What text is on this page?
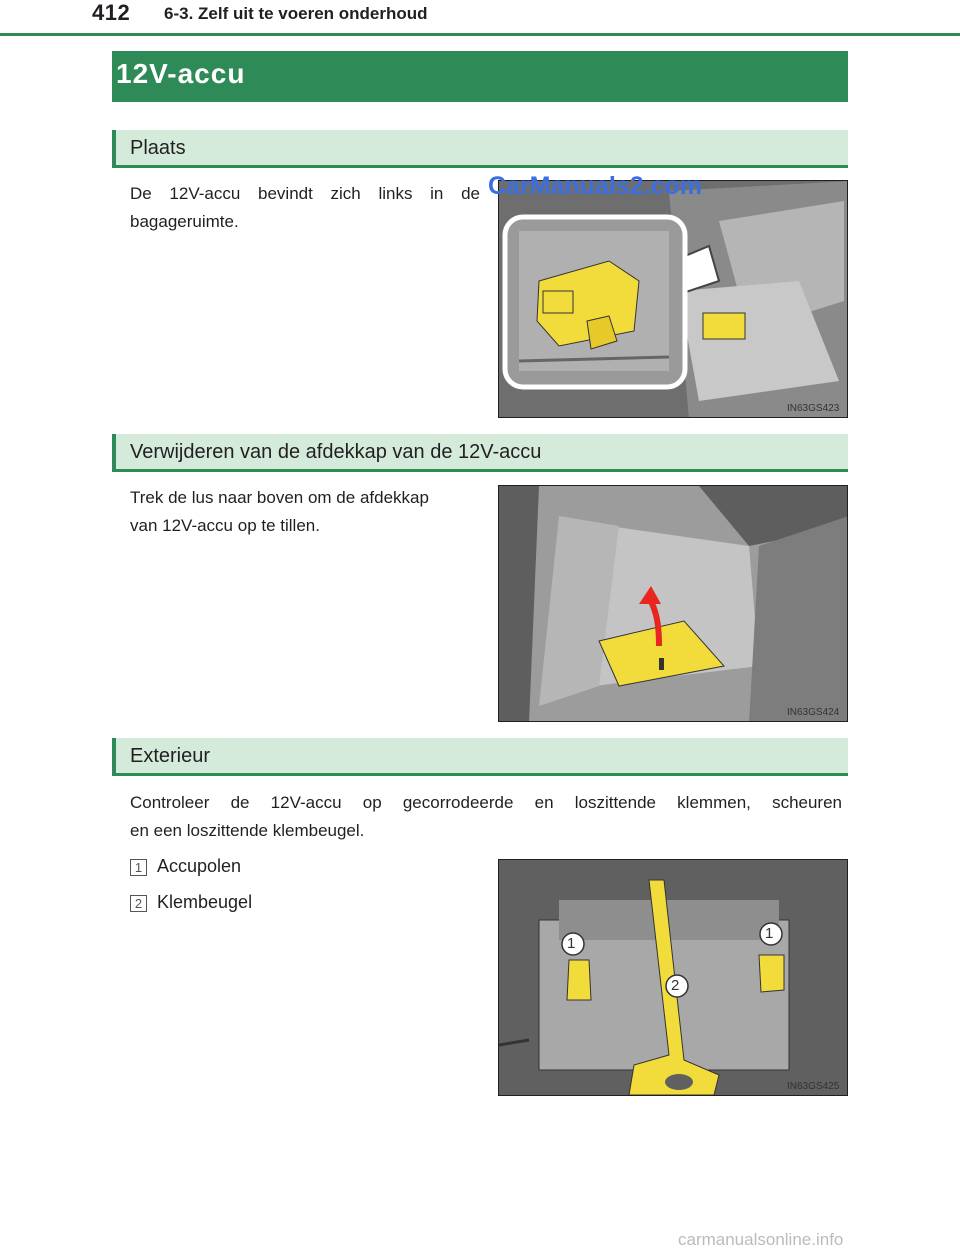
412 6-3. Zelf uit te voeren onderhoud
12V-accu
Plaats
De 12V-accu bevindt zich links in de
bagageruimte.
IN63GS423
CarManuals2.com
Verwijderen van de afdekkap van de 12V-accu
Trek de lus naar boven om de afdekkap
van 12V-accu op te tillen.
IN63GS424
Exterieur
Controleer de 12V-accu op gecorrodeerde en loszittende klemmen, scheuren
en een loszittende klembeugel.
1 Accupolen
2 Klembeugel
1
1
2
IN63GS425
carmanualsonline.info
